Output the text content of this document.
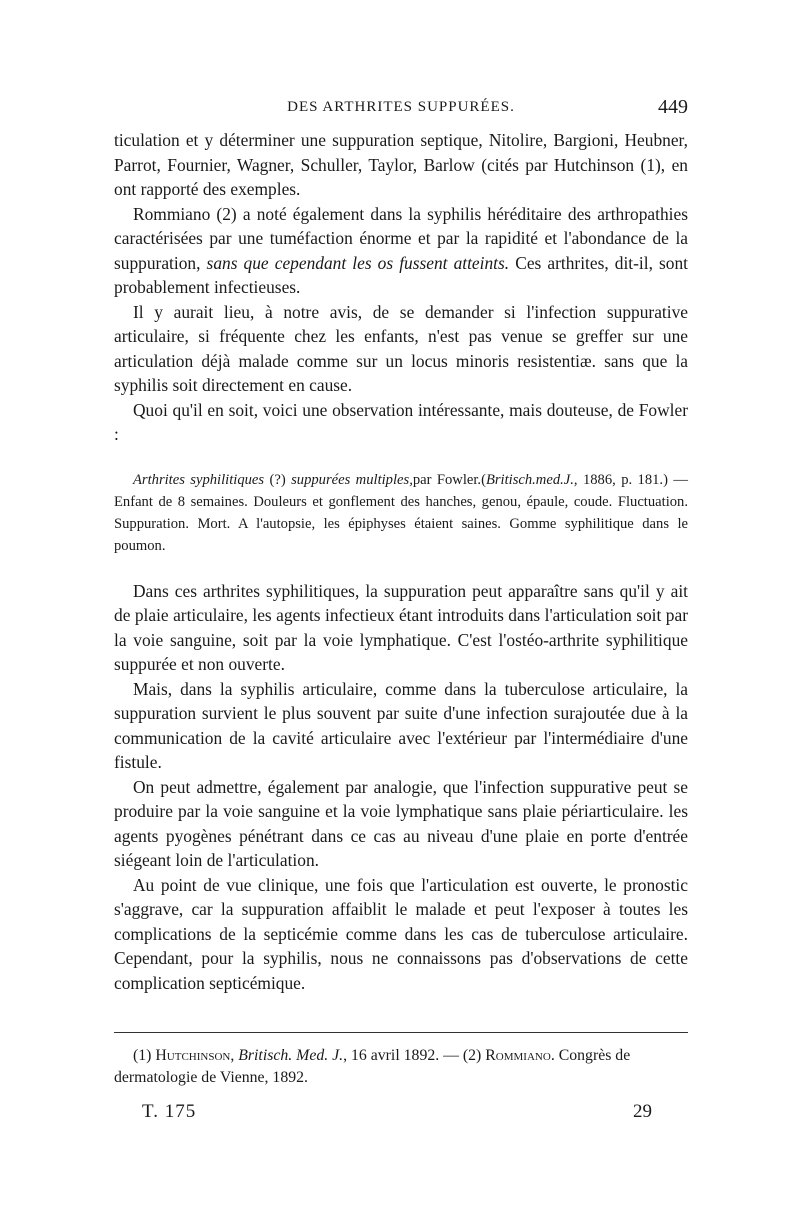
DES ARTHRITES SUPPURÉES.	449

ticulation et y déterminer une suppuration septique, Nitolire, Bargioni, Heubner, Parrot, Fournier, Wagner, Schuller, Taylor, Barlow (cités par Hutchinson (1), en ont rapporté des exemples.

Rommiano (2) a noté également dans la syphilis héréditaire des arthropathies caractérisées par une tuméfaction énorme et par la rapidité et l'abondance de la suppuration, sans que cependant les os fussent atteints. Ces arthrites, dit-il, sont probablement infectieuses.

Il y aurait lieu, à notre avis, de se demander si l'infection suppurative articulaire, si fréquente chez les enfants, n'est pas venue se greffer sur une articulation déjà malade comme sur un locus minoris resistentiæ. sans que la syphilis soit directement en cause.

Quoi qu'il en soit, voici une observation intéressante, mais douteuse, de Fowler :

Arthrites syphilitiques (?) suppurées multiples,par Fowler.(Britisch.med.J., 1886, p. 181.) — Enfant de 8 semaines. Douleurs et gonflement des hanches, genou, épaule, coude. Fluctuation. Suppuration. Mort. A l'autopsie, les épiphyses étaient saines. Gomme syphilitique dans le poumon.

Dans ces arthrites syphilitiques, la suppuration peut apparaître sans qu'il y ait de plaie articulaire, les agents infectieux étant introduits dans l'articulation soit par la voie sanguine, soit par la voie lymphatique. C'est l'ostéo-arthrite syphilitique suppurée et non ouverte.

Mais, dans la syphilis articulaire, comme dans la tuberculose articulaire, la suppuration survient le plus souvent par suite d'une infection surajoutée due à la communication de la cavité articulaire avec l'extérieur par l'intermédiaire d'une fistule.

On peut admettre, également par analogie, que l'infection suppurative peut se produire par la voie sanguine et la voie lymphatique sans plaie périarticulaire. les agents pyogènes pénétrant dans ce cas au niveau d'une plaie en porte d'entrée siégeant loin de l'articulation.

Au point de vue clinique, une fois que l'articulation est ouverte, le pronostic s'aggrave, car la suppuration affaiblit le malade et peut l'exposer à toutes les complications de la septicémie comme dans les cas de tuberculose articulaire. Cependant, pour la syphilis, nous ne connaissons pas d'observations de cette complication septicémique.

(1) Hutchinson, Britisch. Med. J., 16 avril 1892. — (2) Rommiano. Congrès de dermatologie de Vienne, 1892.

T. 175	29
